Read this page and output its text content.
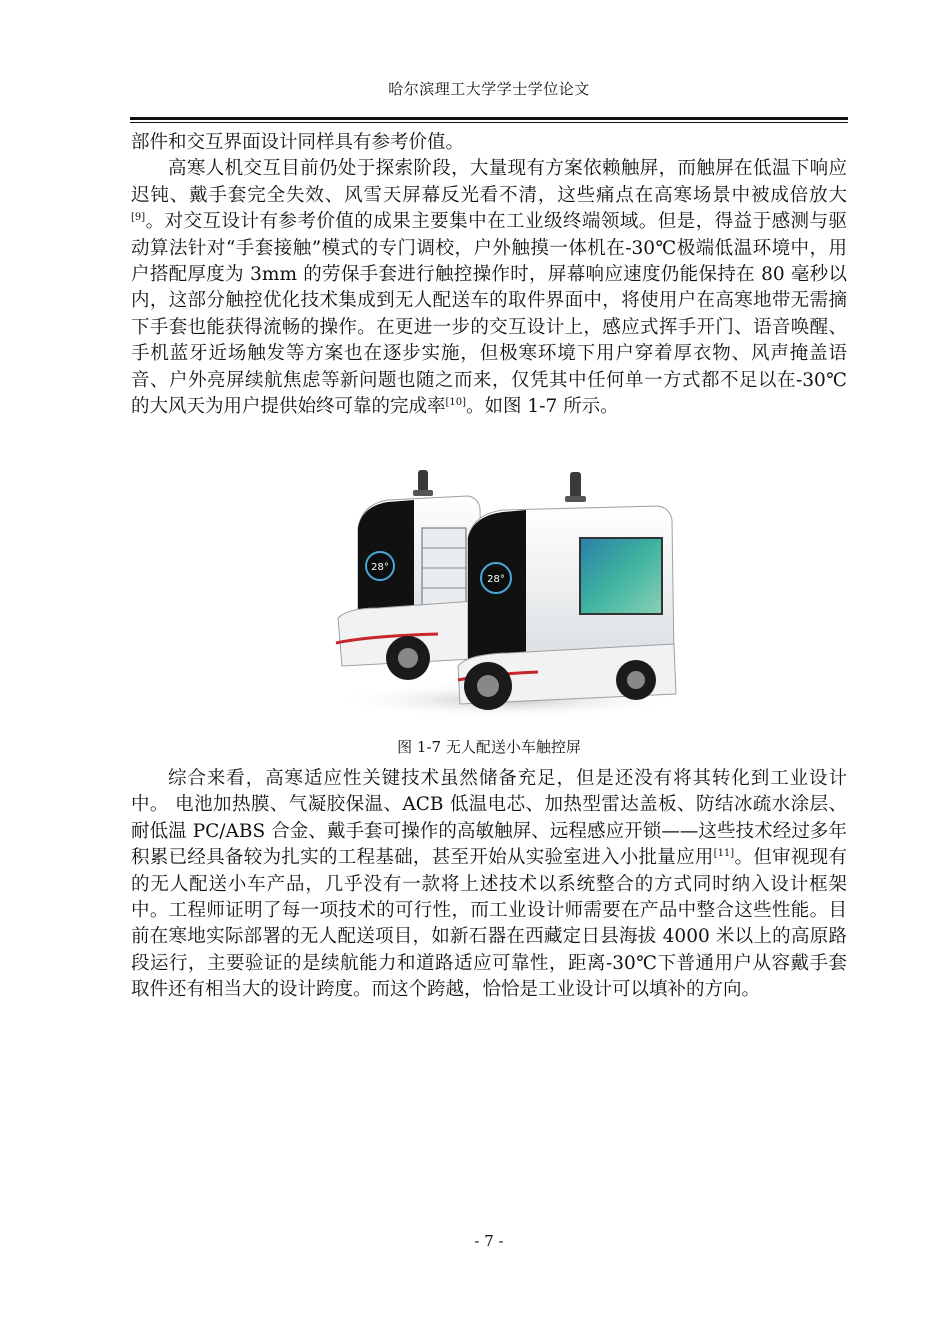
哈尔滨理工大学学士学位论文

部件和交互界面设计同样具有参考价值。

高寒人机交互目前仍处于探索阶段，大量现有方案依赖触屏，而触屏在低温下响应迟钝、戴手套完全失效、风雪天屏幕反光看不清，这些痛点在高寒场景中被成倍放大[9]。对交互设计有参考价值的成果主要集中在工业级终端领域。但是，得益于感测与驱动算法针对“手套接触”模式的专门调校，户外触摸一体机在-30℃极端低温环境中，用户搭配厚度为 3mm 的劳保手套进行触控操作时，屏幕响应速度仍能保持在 80 毫秒以内，这部分触控优化技术集成到无人配送车的取件界面中，将使用户在高寒地带无需摘下手套也能获得流畅的操作。在更进一步的交互设计上，感应式挥手开门、语音唤醒、手机蓝牙近场触发等方案也在逐步实施，但极寒环境下用户穿着厚衣物、风声掩盖语音、户外亮屏续航焦虑等新问题也随之而来，仅凭其中任何单一方式都不足以在-30℃的大风天为用户提供始终可靠的完成率[10]。如图 1-7 所示。

28°
28°
图 1-7 无人配送小车触控屏

综合来看，高寒适应性关键技术虽然储备充足，但是还没有将其转化到工业设计中。 电池加热膜、气凝胶保温、ACB 低温电芯、加热型雷达盖板、防结冰疏水涂层、耐低温 PC/ABS 合金、戴手套可操作的高敏触屏、远程感应开锁——这些技术经过多年积累已经具备较为扎实的工程基础，甚至开始从实验室进入小批量应用[11]。但审视现有的无人配送小车产品，几乎没有一款将上述技术以系统整合的方式同时纳入设计框架中。工程师证明了每一项技术的可行性，而工业设计师需要在产品中整合这些性能。目前在寒地实际部署的无人配送项目，如新石器在西藏定日县海拔 4000 米以上的高原路段运行，主要验证的是续航能力和道路适应可靠性，距离-30℃下普通用户从容戴手套取件还有相当大的设计跨度。而这个跨越，恰恰是工业设计可以填补的方向。

- 7 -
